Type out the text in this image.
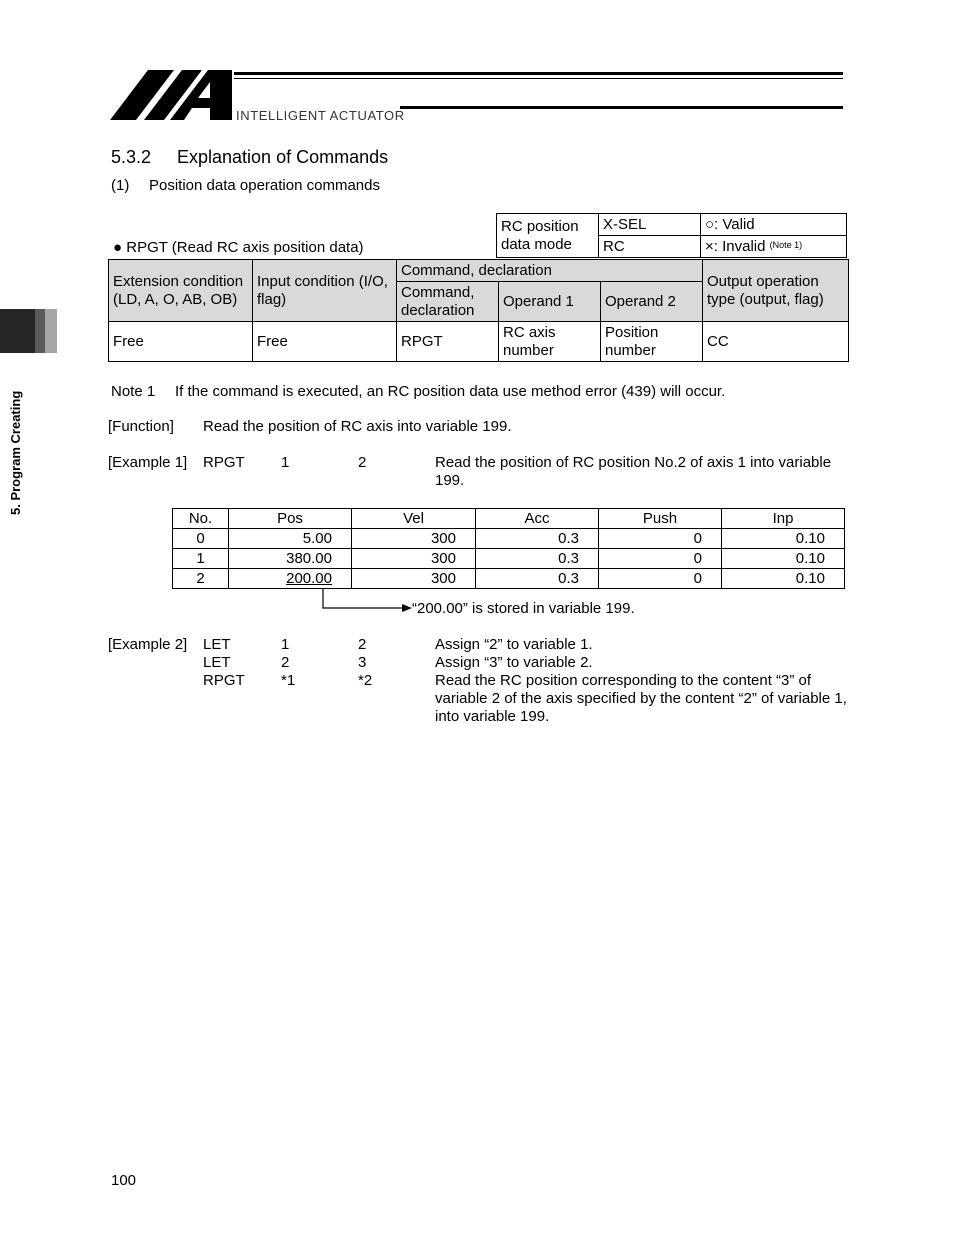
INTELLIGENT ACTUATOR
5. Program Creating
5.3.2 Explanation of Commands
(1) Position data operation commands
● RPGT (Read RC axis position data)
RC position data mode	X-SEL	○: Valid
	RC	×: Invalid $^{(Note 1)}$
Extension condition (LD, A, O, AB, OB)	Input condition (I/O, flag)	Command, declaration			Output operation type (output, flag)
		Command, declaration	Operand 1	Operand 2	
Free	Free	RPGT	RC axis number	Position number	CC
Note 1 If the command is executed, an RC position data use method error (439) will occur.
[Function] Read the position of RC axis into variable 199.
[Example 1] RPGT 1	2	Read the position of RC position No.2 of axis 1 into variable 199.
No.	Pos	Vel	Acc	Push	Inp
0	5.00	300	0.3	0	0.10
1	380.00	300	0.3	0	0.10
2	200.00	300	0.3	0	0.10
“200.00” is stored in variable 199.
[Example 2] LET	1	2	Assign “2” to variable 1.
LET	2	3	Assign “3” to variable 2.
RPGT *1	*2	Read the RC position corresponding to the content “3” of variable 2 of the axis specified by the content “2” of variable 1, into variable 199.
100
